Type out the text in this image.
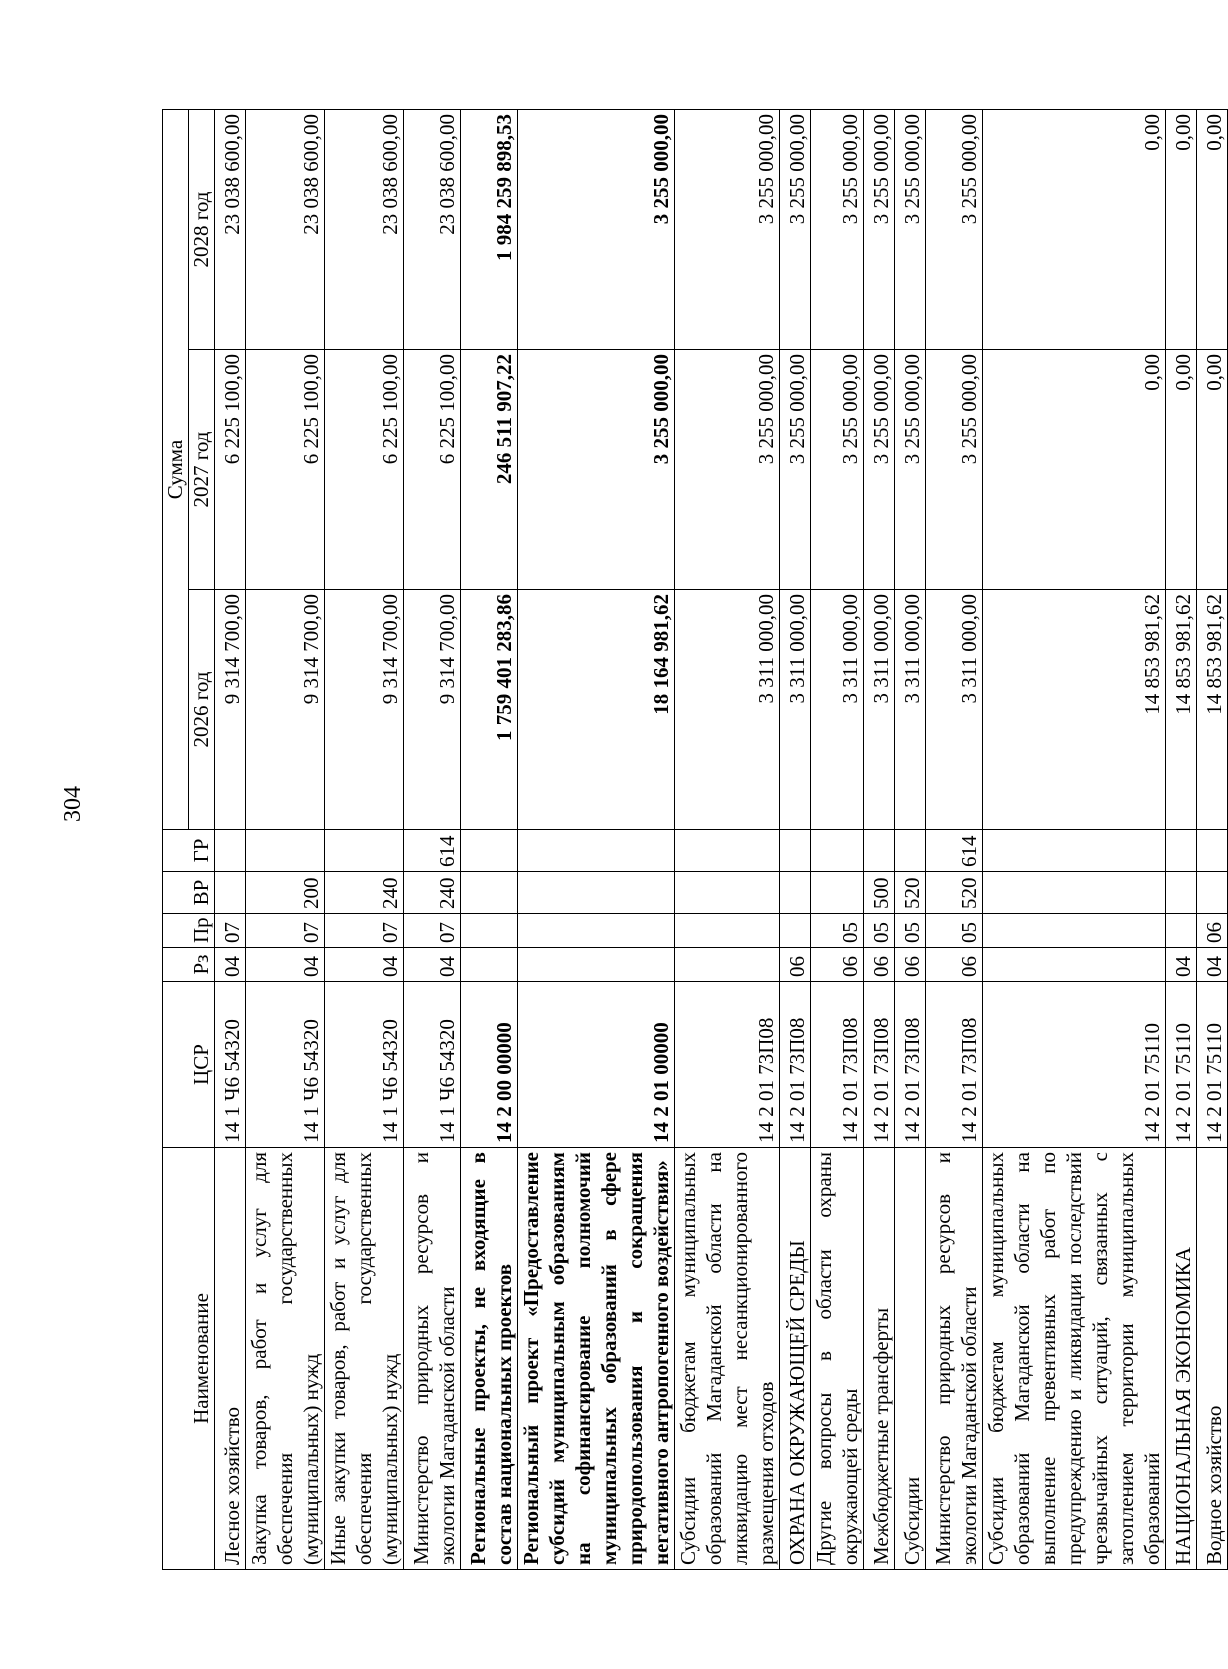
304
Наименование	ЦСР	Рз	Пр	ВР	ГР	Сумма		
						2026 год	2027 год	2028 год
Лесное хозяйство	14 1 Ч6 54320	04	07			9 314 700,00	6 225 100,00	23 038 600,00
Закупка товаров, работ и услуг для обеспечения государственных (муниципальных) нужд	14 1 Ч6 54320	04	07	200		9 314 700,00	6 225 100,00	23 038 600,00
Иные закупки товаров, работ и услуг для обеспечения государственных (муниципальных) нужд	14 1 Ч6 54320	04	07	240		9 314 700,00	6 225 100,00	23 038 600,00
Министерство природных ресурсов и экологии Магаданской области	14 1 Ч6 54320	04	07	240	614	9 314 700,00	6 225 100,00	23 038 600,00
Региональные проекты, не входящие в состав национальных проектов	14 2 00 00000					1 759 401 283,86	246 511 907,22	1 984 259 898,53
Региональный проект «Предоставление субсидий муниципальным образованиям на софинансирование полномочий муниципальных образований в сфере природопользования и сокращения негативного антропогенного воздействия»	14 2 01 00000					18 164 981,62	3 255 000,00	3 255 000,00
Субсидии бюджетам муниципальных образований Магаданской области на ликвидацию мест несанкционированного размещения отходов	14 2 01 73П08					3 311 000,00	3 255 000,00	3 255 000,00
ОХРАНА ОКРУЖАЮЩЕЙ СРЕДЫ	14 2 01 73П08	06				3 311 000,00	3 255 000,00	3 255 000,00
Другие вопросы в области охраны окружающей среды	14 2 01 73П08	06	05			3 311 000,00	3 255 000,00	3 255 000,00
Межбюджетные трансферты	14 2 01 73П08	06	05	500		3 311 000,00	3 255 000,00	3 255 000,00
Субсидии	14 2 01 73П08	06	05	520		3 311 000,00	3 255 000,00	3 255 000,00
Министерство природных ресурсов и экологии Магаданской области	14 2 01 73П08	06	05	520	614	3 311 000,00	3 255 000,00	3 255 000,00
Субсидии бюджетам муниципальных образований Магаданской области на выполнение превентивных работ по предупреждению и ликвидации последствий чрезвычайных ситуаций, связанных с затоплением территории муниципальных образований	14 2 01 75110					14 853 981,62	0,00	0,00
НАЦИОНАЛЬНАЯ ЭКОНОМИКА	14 2 01 75110	04				14 853 981,62	0,00	0,00
Водное хозяйство	14 2 01 75110	04	06			14 853 981,62	0,00	0,00
